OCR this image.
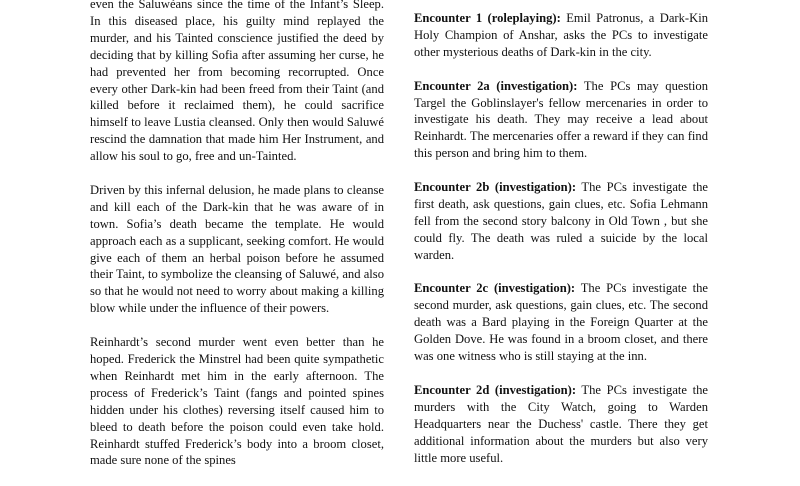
even the Saluwéans since the time of the Infant’s Sleep. In this diseased place, his guilty mind replayed the murder, and his Tainted conscience justified the deed by deciding that by killing Sofia after assuming her curse, he had prevented her from becoming recorrupted. Once every other Dark-kin had been freed from their Taint (and killed before it reclaimed them), he could sacrifice himself to leave Lustia cleansed. Only then would Saluwé rescind the damnation that made him Her Instrument, and allow his soul to go, free and un-Tainted.

Driven by this infernal delusion, he made plans to cleanse and kill each of the Dark-kin that he was aware of in town. Sofia’s death became the template. He would approach each as a supplicant, seeking comfort. He would give each of them an herbal poison before he assumed their Taint, to symbolize the cleansing of Saluwé, and also so that he would not need to worry about making a killing blow while under the influence of their powers.

Reinhardt’s second murder went even better than he hoped. Frederick the Minstrel had been quite sympathetic when Reinhardt met him in the early afternoon. The process of Frederick’s Taint (fangs and pointed spines hidden under his clothes) reversing itself caused him to bleed to death before the poison could even take hold. Reinhardt stuffed Frederick’s body into a broom closet, made sure none of the spines

Encounter 1 (roleplaying): Emil Patronus, a Dark-Kin Holy Champion of Anshar, asks the PCs to investigate other mysterious deaths of Dark-kin in the city.

Encounter 2a (investigation): The PCs may question Targel the Goblinslayer's fellow mercenaries in order to investigate his death. They may receive a lead about Reinhardt. The mercenaries offer a reward if they can find this person and bring him to them.

Encounter 2b (investigation): The PCs investigate the first death, ask questions, gain clues, etc. Sofia Lehmann fell from the second story balcony in Old Town , but she could fly. The death was ruled a suicide by the local warden.

Encounter 2c (investigation): The PCs investigate the second murder, ask questions, gain clues, etc. The second death was a Bard playing in the Foreign Quarter at the Golden Dove. He was found in a broom closet, and there was one witness who is still staying at the inn.

Encounter 2d (investigation): The PCs investigate the murders with the City Watch, going to Warden Headquarters near the Duchess' castle. There they get additional information about the murders but also very little more useful.
